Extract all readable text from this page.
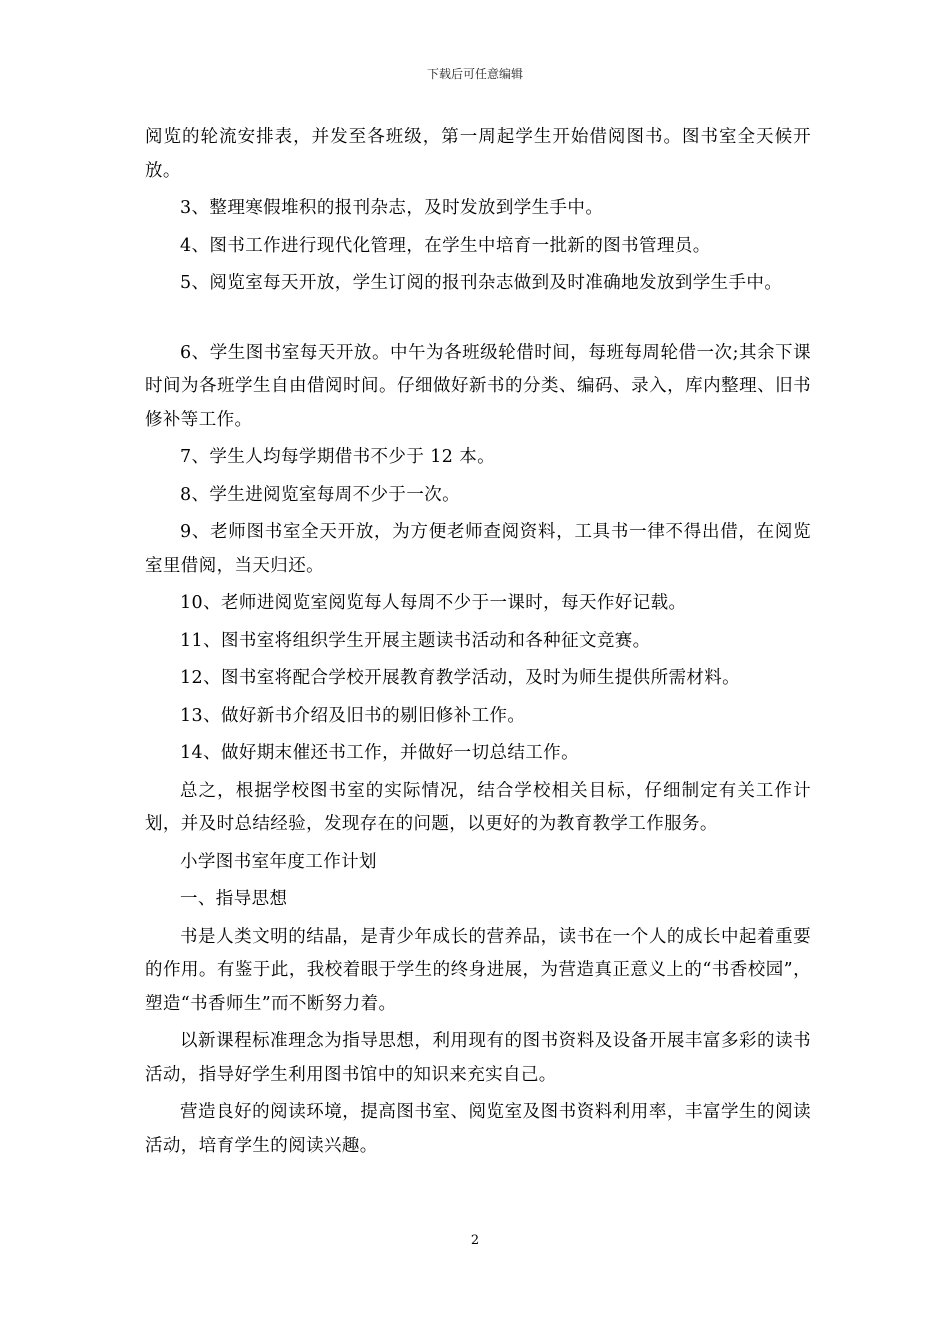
下载后可任意编辑

阅览的轮流安排表，并发至各班级，第一周起学生开始借阅图书。图书室全天候开放。

3、整理寒假堆积的报刊杂志，及时发放到学生手中。

4、图书工作进行现代化管理，在学生中培育一批新的图书管理员。

5、阅览室每天开放，学生订阅的报刊杂志做到及时准确地发放到学生手中。

6、学生图书室每天开放。中午为各班级轮借时间，每班每周轮借一次;其余下课时间为各班学生自由借阅时间。仔细做好新书的分类、编码、录入，库内整理、旧书修补等工作。

7、学生人均每学期借书不少于 12 本。

8、学生进阅览室每周不少于一次。

9、老师图书室全天开放，为方便老师查阅资料，工具书一律不得出借，在阅览室里借阅，当天归还。

10、老师进阅览室阅览每人每周不少于一课时，每天作好记载。

11、图书室将组织学生开展主题读书活动和各种征文竞赛。

12、图书室将配合学校开展教育教学活动，及时为师生提供所需材料。

13、做好新书介绍及旧书的剔旧修补工作。

14、做好期末催还书工作，并做好一切总结工作。

总之，根据学校图书室的实际情况，结合学校相关目标，仔细制定有关工作计划，并及时总结经验，发现存在的问题，以更好的为教育教学工作服务。

小学图书室年度工作计划

一、指导思想

书是人类文明的结晶，是青少年成长的营养品，读书在一个人的成长中起着重要的作用。有鉴于此，我校着眼于学生的终身进展，为营造真正意义上的“书香校园”，塑造“书香师生”而不断努力着。

以新课程标准理念为指导思想，利用现有的图书资料及设备开展丰富多彩的读书活动，指导好学生利用图书馆中的知识来充实自己。

营造良好的阅读环境，提高图书室、阅览室及图书资料利用率，丰富学生的阅读活动，培育学生的阅读兴趣。

2
